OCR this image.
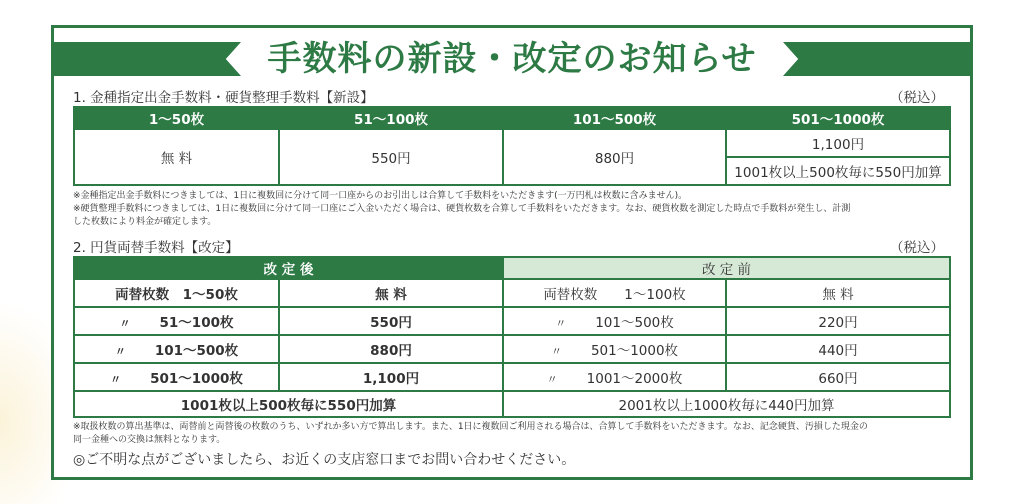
手数料の新設・改定のお知らせ
1. 金種指定出金手数料・硬貨整理手数料【新設】	（税込）
1～50枚	51～100枚	101～500枚	501～1000枚
無 料	550円	880円	1,100円
			1001枚以上500枚毎に550円加算
※金種指定出金手数料につきましては、1日に複数回に分けて同一口座からのお引出しは合算して手数料をいただきます(一万円札は枚数に含みません)。
※硬貨整理手数料につきましては、1日に複数回に分けて同一口座にご入金いただく場合は、硬貨枚数を合算して手数料をいただきます。なお、硬貨枚数を測定した時点で手数料が発生し、計測
した枚数により料金が確定します。
2. 円貨両替手数料【改定】	（税込）
改 定 後		改 定 前	
両替枚数　1～50枚	無 料	両替枚数　　1～100枚	無 料
〃 51～100枚	550円	〃 101～500枚	220円
〃 101～500枚	880円	〃 501～1000枚	440円
〃 501～1000枚	1,100円	〃 1001～2000枚	660円
1001枚以上500枚毎に550円加算		2001枚以上1000枚毎に440円加算	
※取扱枚数の算出基準は、両替前と両替後の枚数のうち、いずれか多い方で算出します。また、1日に複数回ご利用される場合は、合算して手数料をいただきます。なお、記念硬貨、汚損した現金の
同一金種への交換は無料となります。
◎ご不明な点がございましたら、お近くの支店窓口までお問い合わせください。
